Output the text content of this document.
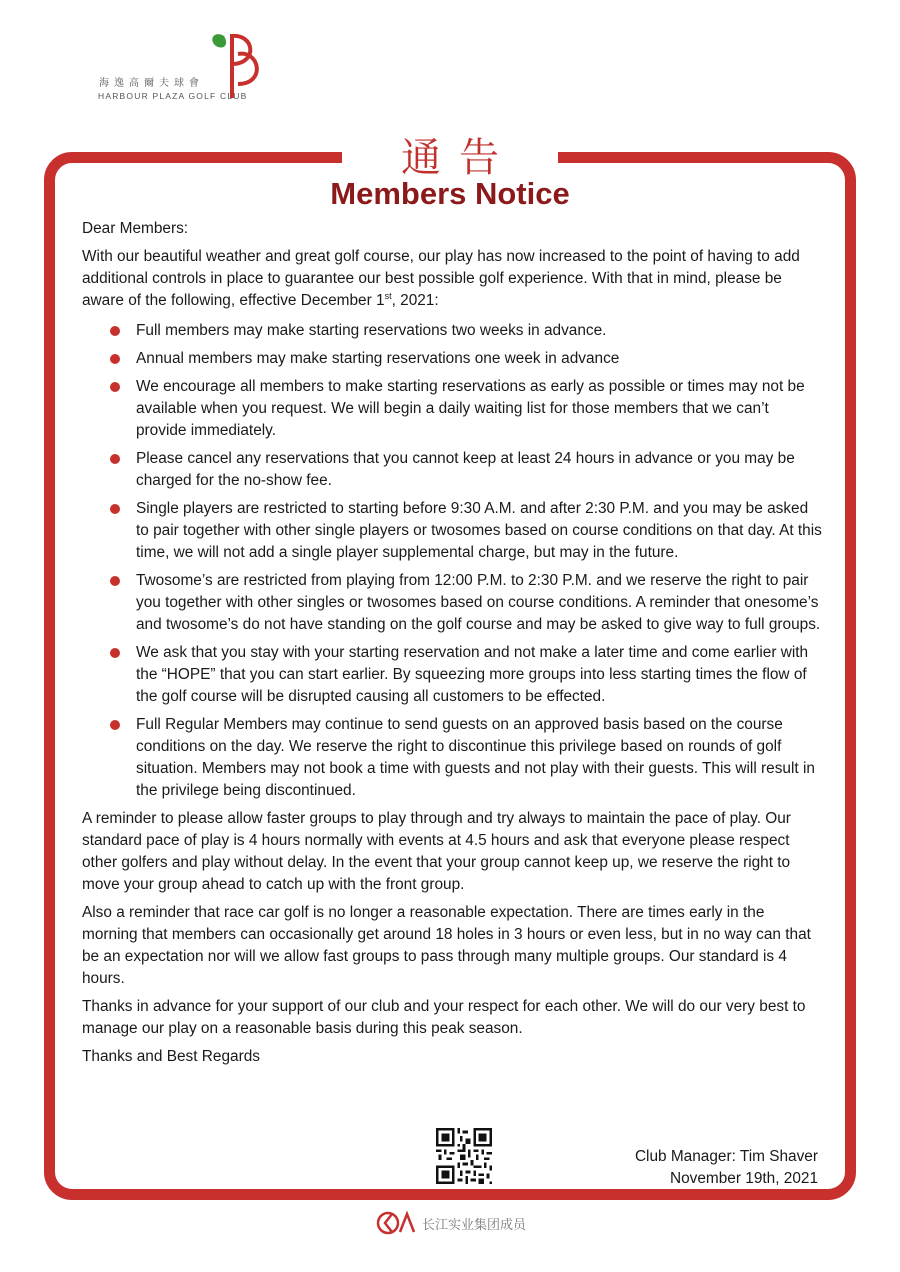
海逸高爾夫球會
HARBOUR PLAZA GOLF CLUB
通告
Members Notice

Dear Members:

With our beautiful weather and great golf course, our play has now increased to the point of having to add additional controls in place to guarantee our best possible golf experience. With that in mind, please be aware of the following, effective December 1st, 2021:

Full members may make starting reservations two weeks in advance.
Annual members may make starting reservations one week in advance
We encourage all members to make starting reservations as early as possible or times may not be available when you request. We will begin a daily waiting list for those members that we can’t provide immediately.
Please cancel any reservations that you cannot keep at least 24 hours in advance or you may be charged for the no-show fee.
Single players are restricted to starting before 9:30 A.M. and after 2:30 P.M. and you may be asked to pair together with other single players or twosomes based on course conditions on that day. At this time, we will not add a single player supplemental charge, but may in the future.
Twosome’s are restricted from playing from 12:00 P.M. to 2:30 P.M. and we reserve the right to pair you together with other singles or twosomes based on course conditions. A reminder that onesome’s and twosome’s do not have standing on the golf course and may be asked to give way to full groups.
We ask that you stay with your starting reservation and not make a later time and come earlier with the “HOPE” that you can start earlier. By squeezing more groups into less starting times the flow of the golf course will be disrupted causing all customers to be effected.
Full Regular Members may continue to send guests on an approved basis based on the course conditions on the day. We reserve the right to discontinue this privilege based on rounds of golf situation. Members may not book a time with guests and not play with their guests. This will result in the privilege being discontinued.

A reminder to please allow faster groups to play through and try always to maintain the pace of play. Our standard pace of play is 4 hours normally with events at 4.5 hours and ask that everyone please respect other golfers and play without delay. In the event that your group cannot keep up, we reserve the right to move your group ahead to catch up with the front group.

Also a reminder that race car golf is no longer a reasonable expectation. There are times early in the morning that members can occasionally get around 18 holes in 3 hours or even less, but in no way can that be an expectation nor will we allow fast groups to pass through many multiple groups. Our standard is 4 hours.

Thanks in advance for your support of our club and your respect for each other. We will do our very best to manage our play on a reasonable basis during this peak season.

Thanks and Best Regards

Club Manager: Tim Shaver
November 19th, 2021
长江实业集团成员
